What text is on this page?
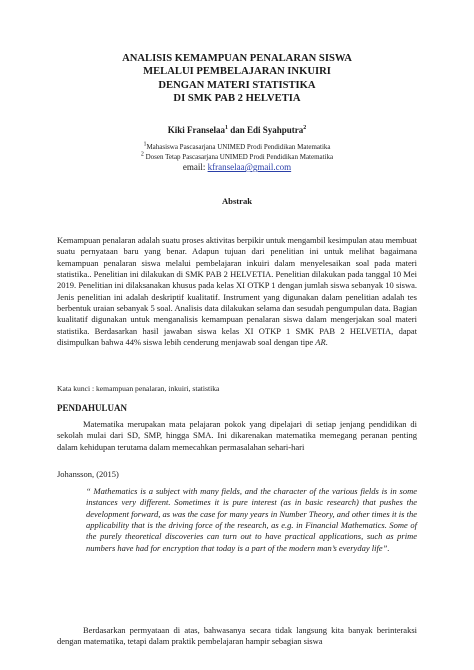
ANALISIS KEMAMPUAN PENALARAN SISWA
MELALUI PEMBELAJARAN INKUIRI
DENGAN MATERI STATISTIKA
DI SMK PAB 2 HELVETIA
Kiki Franselaa$^1$ dan Edi Syahputra$^2$
$^1$Mahasiswa Pascasarjana UNIMED Prodi Pendidikan Matematika
$^2$ Dosen Tetap Pascasarjana UNIMED Prodi Pendidikan Matematika
email: kfranselaa@gmail.com
Abstrak
Kemampuan penalaran adalah suatu proses aktivitas berpikir untuk mengambil kesimpulan atau membuat suatu pernyataan baru yang benar. Adapun tujuan dari penelitian ini untuk melihat bagaimana kemampuan penalaran siswa melalui pembelajaran inkuiri dalam menyelesaikan soal pada materi statistika.. Penelitian ini dilakukan di SMK PAB 2 HELVETIA. Penelitian dilakukan pada tanggal 10 Mei 2019. Penelitian ini dilaksanakan khusus pada kelas XI OTKP 1 dengan jumlah siswa sebanyak 10 siswa. Jenis penelitian ini adalah deskriptif kualitatif. Instrument yang digunakan dalam penelitian adalah tes berbentuk uraian sebanyak 5 soal. Analisis data dilakukan selama dan sesudah pengumpulan data. Bagian kualitatif digunakan untuk menganalisis kemampuan penalaran siswa dalam mengerjakan soal materi statistika. Berdasarkan hasil jawaban siswa kelas XI OTKP 1 SMK PAB 2 HELVETIA, dapat disimpulkan bahwa 44% siswa lebih cenderung menjawab soal dengan tipe AR.
Kata kunci : kemampuan penalaran, inkuiri, statistika
PENDAHULUAN
Matematika merupakan mata pelajaran pokok yang dipelajari di setiap jenjang pendidikan di sekolah mulai dari SD, SMP, hingga SMA. Ini dikarenakan matematika memegang peranan penting dalam kehidupan terutama dalam memecahkan permasalahan sehari-hari
Johansson, (2015)
“ Mathematics is a subject with many fields, and the character of the various fields is in some instances very different. Sometimes it is pure interest (as in basic research) that pushes the development forward, as was the case for many years in Number Theory, and other times it is the applicability that is the driving force of the research, as e.g. in Financial Mathematics. Some of the purely theoretical discoveries can turn out to have practical applications, such as prime numbers have had for encryption that today is a part of the modern man’s everyday life”.
Berdasarkan permyataan di atas, bahwasanya secara tidak langsung kita banyak berinteraksi dengan matematika, tetapi dalam praktik pembelajaran hampir sebagian siswa
